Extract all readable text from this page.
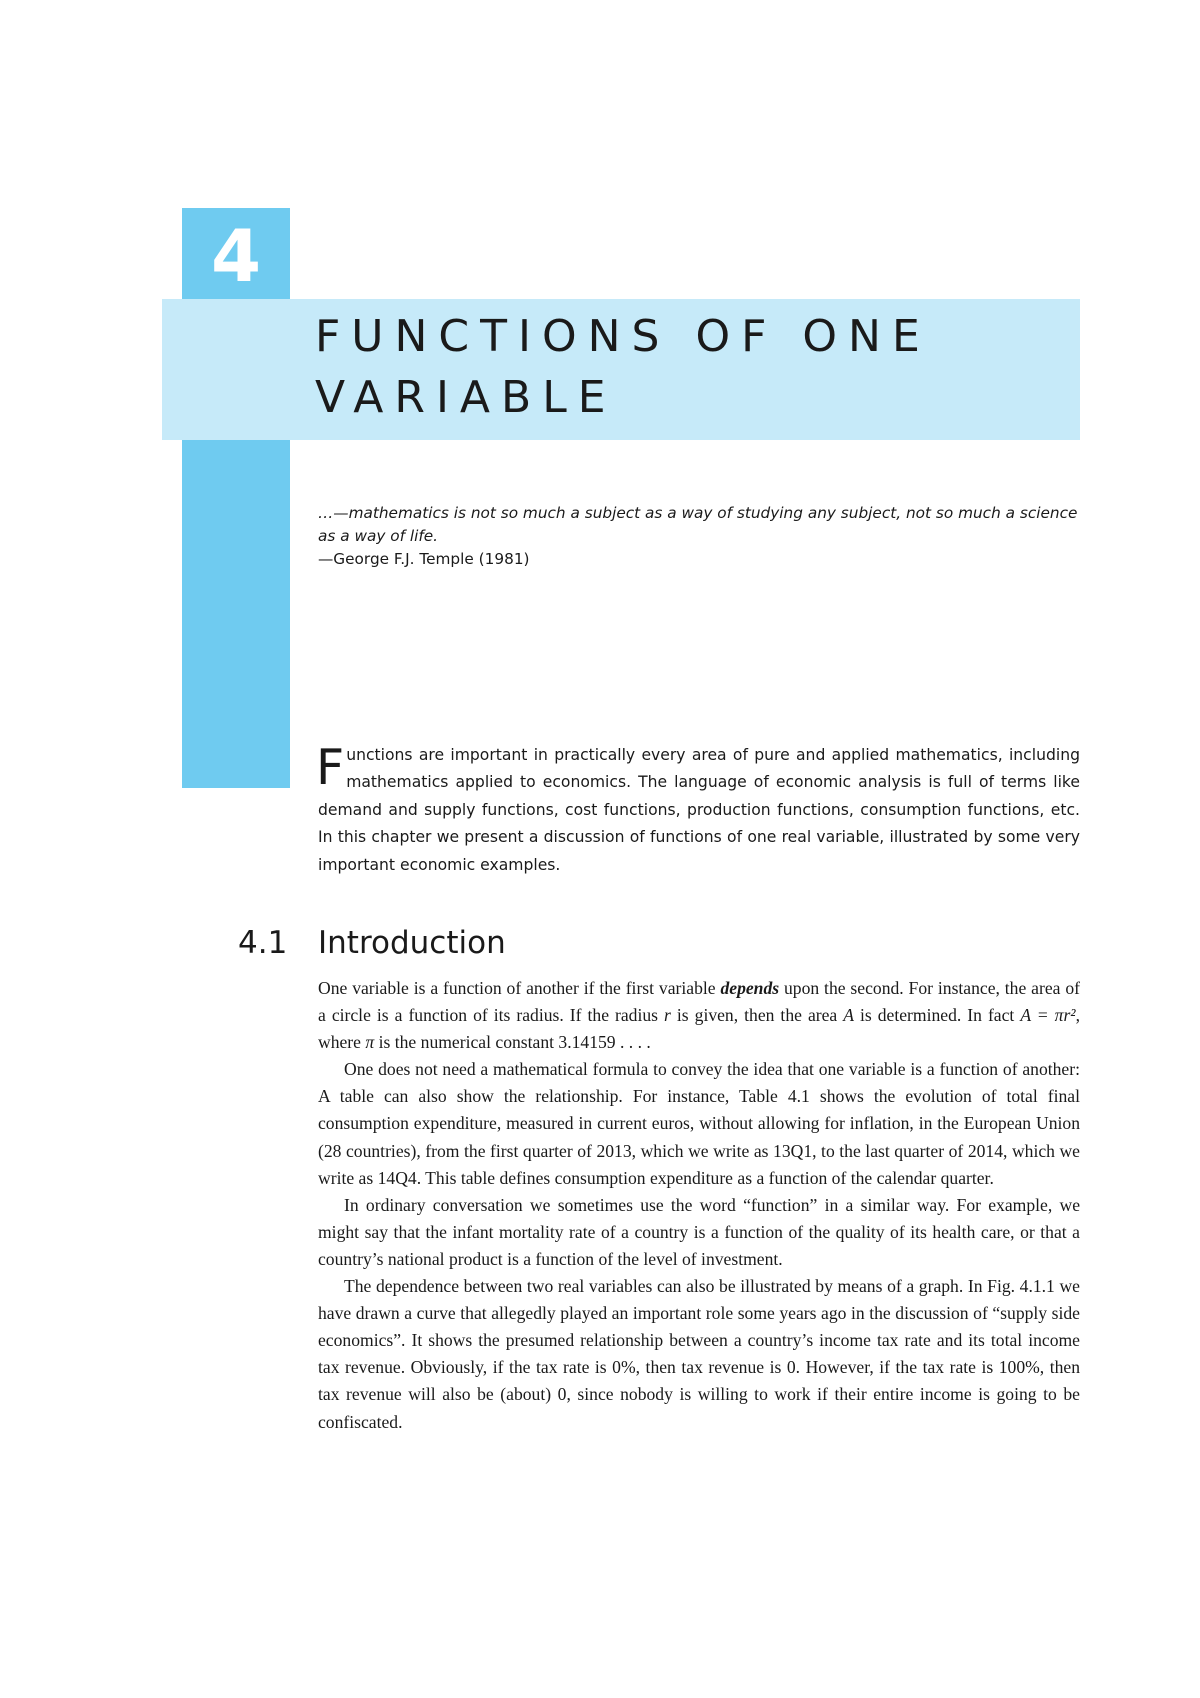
4
FUNCTIONS OF ONE VARIABLE
…—mathematics is not so much a subject as a way of studying any subject, not so much a science as a way of life.
—George F.J. Temple (1981)

Functions are important in practically every area of pure and applied mathematics, including mathematics applied to economics. The language of economic analysis is full of terms like demand and supply functions, cost functions, production functions, consumption functions, etc. In this chapter we present a discussion of functions of one real variable, illustrated by some very important economic examples.

4.1 Introduction

One variable is a function of another if the first variable depends upon the second. For instance, the area of a circle is a function of its radius. If the radius r is given, then the area A is determined. In fact A = πr², where π is the numerical constant 3.14159 . . . .

One does not need a mathematical formula to convey the idea that one variable is a function of another: A table can also show the relationship. For instance, Table 4.1 shows the evolution of total final consumption expenditure, measured in current euros, without allowing for inflation, in the European Union (28 countries), from the first quarter of 2013, which we write as 13Q1, to the last quarter of 2014, which we write as 14Q4. This table defines consumption expenditure as a function of the calendar quarter.

In ordinary conversation we sometimes use the word “function” in a similar way. For example, we might say that the infant mortality rate of a country is a function of the quality of its health care, or that a country’s national product is a function of the level of investment.

The dependence between two real variables can also be illustrated by means of a graph. In Fig. 4.1.1 we have drawn a curve that allegedly played an important role some years ago in the discussion of “supply side economics”. It shows the presumed relationship between a country’s income tax rate and its total income tax revenue. Obviously, if the tax rate is 0%, then tax revenue is 0. However, if the tax rate is 100%, then tax revenue will also be (about) 0, since nobody is willing to work if their entire income is going to be confiscated.
